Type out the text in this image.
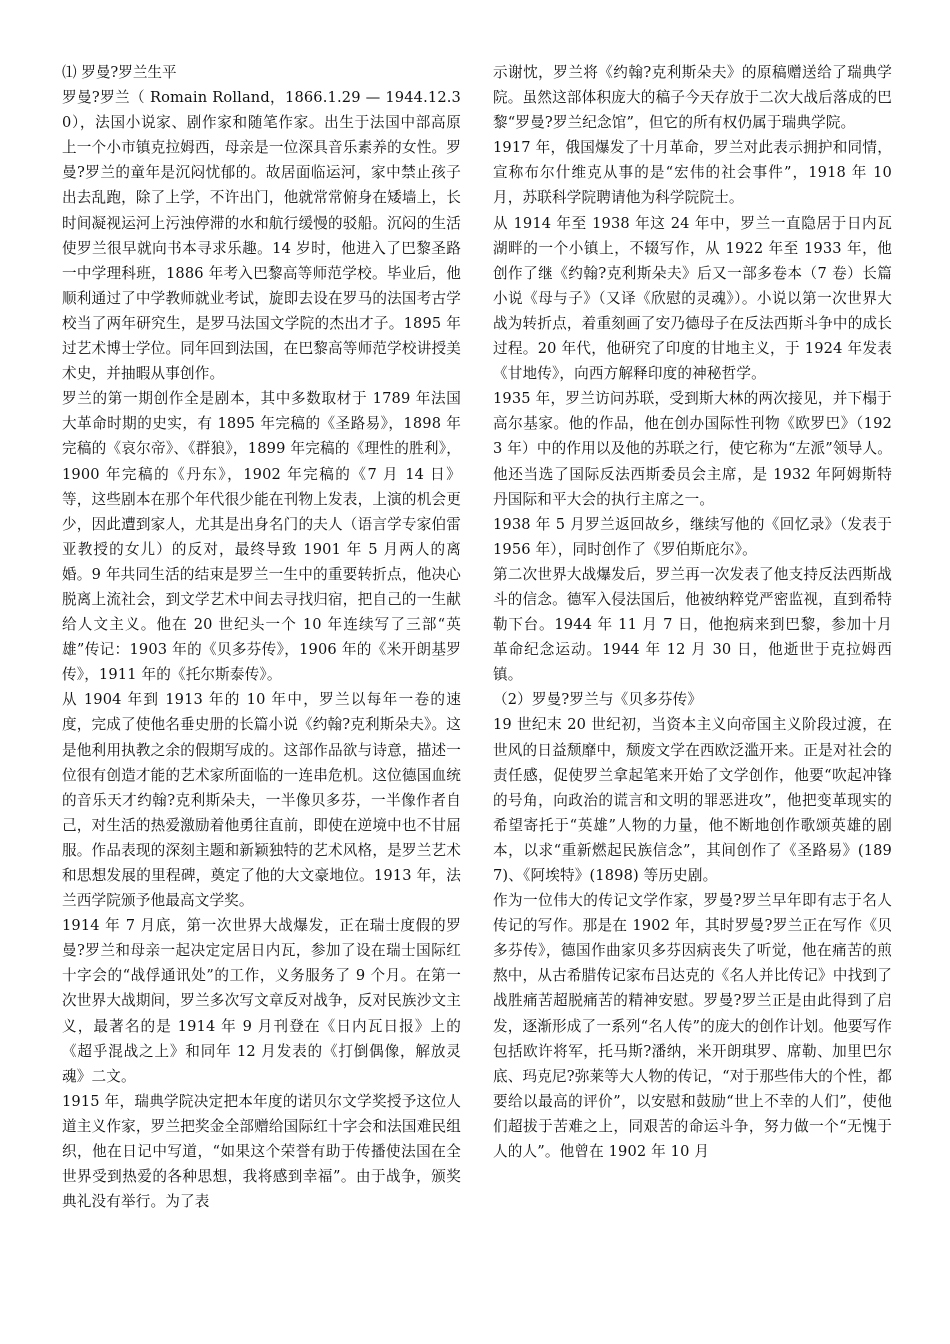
⑴ 罗曼?罗兰生平

罗曼?罗兰（ Romain Rolland，1866.1.29 — 1944.12.30），法国小说家、剧作家和随笔作家。出生于法国中部高原上一个小市镇克拉姆西，母亲是一位深具音乐素养的女性。罗曼?罗兰的童年是沉闷忧郁的。故居面临运河，家中禁止孩子出去乱跑，除了上学，不许出门，他就常常俯身在矮墙上，长时间凝视运河上污浊停滞的水和航行缓慢的驳船。沉闷的生活使罗兰很早就向书本寻求乐趣。14 岁时，他进入了巴黎圣路一中学理科班，1886 年考入巴黎高等师范学校。毕业后，他顺利通过了中学教师就业考试，旋即去设在罗马的法国考古学校当了两年研究生，是罗马法国文学院的杰出才子。1895 年过艺术博士学位。同年回到法国，在巴黎高等师范学校讲授美术史，并抽暇从事创作。

罗兰的第一期创作全是剧本，其中多数取材于 1789 年法国大革命时期的史实，有 1895 年完稿的《圣路易》，1898 年完稿的《哀尔帝》、《群狼》，1899 年完稿的《理性的胜利》，1900 年完稿的《丹东》，1902 年完稿的《7 月 14 日》等，这些剧本在那个年代很少能在刊物上发表，上演的机会更少，因此遭到家人，尤其是出身名门的夫人（语言学专家伯雷亚教授的女儿）的反对，最终导致 1901 年 5 月两人的离婚。9 年共同生活的结束是罗兰一生中的重要转折点，他决心脱离上流社会，到文学艺术中间去寻找归宿，把自己的一生献给人文主义。他在 20 世纪头一个 10 年连续写了三部“英雄”传记：1903 年的《贝多芬传》，1906 年的《米开朗基罗传》，1911 年的《托尔斯泰传》。

从 1904 年到 1913 年的 10 年中，罗兰以每年一卷的速度，完成了使他名垂史册的长篇小说《约翰?克利斯朵夫》。这是他利用执教之余的假期写成的。这部作品欲与诗意，描述一位很有创造才能的艺术家所面临的一连串危机。这位德国血统的音乐天才约翰?克利斯朵夫，一半像贝多芬，一半像作者自己，对生活的热爱激励着他勇往直前，即使在逆境中也不甘屈服。作品表现的深刻主题和新颖独特的艺术风格，是罗兰艺术和思想发展的里程碑，奠定了他的大文豪地位。1913 年，法兰西学院颁予他最高文学奖。

1914 年 7 月底，第一次世界大战爆发，正在瑞士度假的罗曼?罗兰和母亲一起决定定居日内瓦，参加了设在瑞士国际红十字会的“战俘通讯处”的工作，义务服务了 9 个月。在第一次世界大战期间，罗兰多次写文章反对战争，反对民族沙文主义，最著名的是 1914 年 9 月刊登在《日内瓦日报》上的《超乎混战之上》和同年 12 月发表的《打倒偶像，解放灵魂》二文。

1915 年，瑞典学院决定把本年度的诺贝尔文学奖授予这位人道主义作家，罗兰把奖金全部赠给国际红十字会和法国难民组织，他在日记中写道，“如果这个荣誉有助于传播使法国在全世界受到热爱的各种思想，我将感到幸福”。由于战争，颁奖典礼没有举行。为了表

示谢忱，罗兰将《约翰?克利斯朵夫》的原稿赠送给了瑞典学院。虽然这部体积庞大的稿子今天存放于二次大战后落成的巴黎“罗曼?罗兰纪念馆”，但它的所有权仍属于瑞典学院。

1917 年，俄国爆发了十月革命，罗兰对此表示拥护和同情，宣称布尔什维克从事的是“宏伟的社会事件”，1918 年 10 月，苏联科学院聘请他为科学院院士。

从 1914 年至 1938 年这 24 年中，罗兰一直隐居于日内瓦湖畔的一个小镇上，不辍写作，从 1922 年至 1933 年，他创作了继《约翰?克利斯朵夫》后又一部多卷本（7 卷）长篇小说《母与子》（又译《欣慰的灵魂》）。小说以第一次世界大战为转折点，着重刻画了安乃德母子在反法西斯斗争中的成长过程。20 年代，他研究了印度的甘地主义，于 1924 年发表《甘地传》，向西方解释印度的神秘哲学。

1935 年，罗兰访问苏联，受到斯大林的两次接见，并下榻于高尔基家。他的作品，他在创办国际性刊物《欧罗巴》（1923 年）中的作用以及他的苏联之行，使它称为“左派”领导人。他还当选了国际反法西斯委员会主席，是 1932 年阿姆斯特丹国际和平大会的执行主席之一。

1938 年 5 月罗兰返回故乡，继续写他的《回忆录》（发表于 1956 年），同时创作了《罗伯斯庇尔》。

第二次世界大战爆发后，罗兰再一次发表了他支持反法西斯战斗的信念。德军入侵法国后，他被纳粹党严密监视，直到希特勒下台。1944 年 11 月 7 日，他抱病来到巴黎，参加十月革命纪念运动。1944 年 12 月 30 日，他逝世于克拉姆西镇。

（2）罗曼?罗兰与《贝多芬传》

19 世纪末 20 世纪初，当资本主义向帝国主义阶段过渡，在世风的日益颓靡中，颓废文学在西欧泛滥开来。正是对社会的责任感，促使罗兰拿起笔来开始了文学创作，他要“吹起冲锋的号角，向政治的谎言和文明的罪恶进攻”，他把变革现实的希望寄托于“英雄”人物的力量，他不断地创作歌颂英雄的剧本，以求“重新燃起民族信念”，其间创作了《圣路易》(1897)、《阿埃特》(1898) 等历史剧。

作为一位伟大的传记文学作家，罗曼?罗兰早年即有志于名人传记的写作。那是在 1902 年，其时罗曼?罗兰正在写作《贝多芬传》，德国作曲家贝多芬因病丧失了听觉，他在痛苦的煎熬中，从古希腊传记家布吕达克的《名人并比传记》中找到了战胜痛苦超脱痛苦的精神安慰。罗曼?罗兰正是由此得到了启发，逐渐形成了一系列“名人传”的庞大的创作计划。他要写作包括欧许将军，托马斯?潘纳，米开朗琪罗、席勒、加里巴尔底、玛克尼?弥莱等大人物的传记，“对于那些伟大的个性，都要给以最高的评价”，以安慰和鼓励“世上不幸的人们”，使他们超拔于苦难之上，同艰苦的命运斗争，努力做一个“无愧于人的人”。他曾在 1902 年 10 月
